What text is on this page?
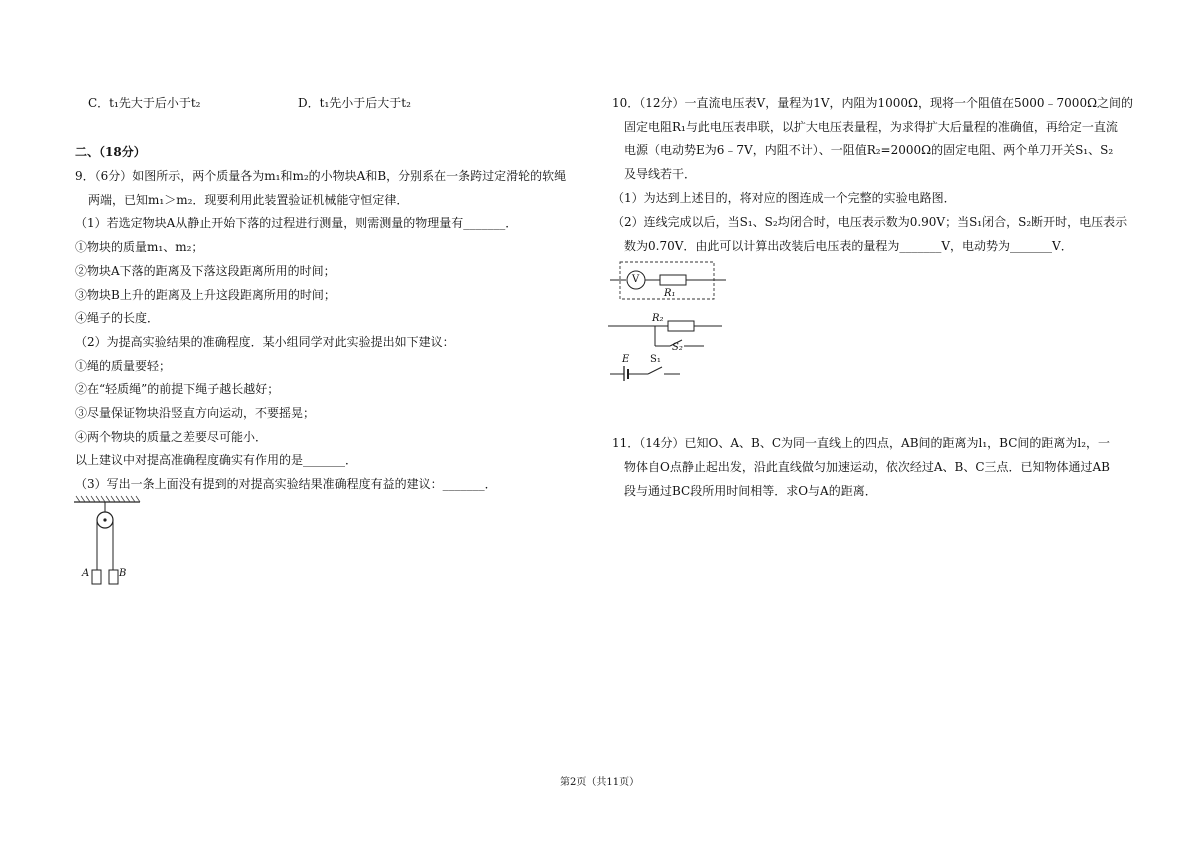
C．t₁先大于后小于t₂	D．t₁先小于后大于t₂
二、（18分）
9．（6分）如图所示，两个质量各为m₁和m₂的小物块A和B，分别系在一条跨过定滑轮的软绳
两端，已知m₁＞m₂．现要利用此装置验证机械能守恒定律．
（1）若选定物块A从静止开始下落的过程进行测量，则需测量的物理量有_______．
①物块的质量m₁、m₂；
②物块A下落的距离及下落这段距离所用的时间；
③物块B上升的距离及上升这段距离所用的时间；
④绳子的长度．
（2）为提高实验结果的准确程度．某小组同学对此实验提出如下建议：
①绳的质量要轻；
②在“轻质绳”的前提下绳子越长越好；
③尽量保证物块沿竖直方向运动，不要摇晃；
④两个物块的质量之差要尽可能小．
以上建议中对提高准确程度确实有作用的是_______．
（3）写出一条上面没有提到的对提高实验结果准确程度有益的建议：_______．
A	B
10．（12分）一直流电压表V，量程为1V，内阻为1000Ω，现将一个阻值在5000﹣7000Ω之间的
固定电阻R₁与此电压表串联，以扩大电压表量程，为求得扩大后量程的准确值，再给定一直流
电源（电动势E为6﹣7V，内阻不计）、一阻值R₂=2000Ω的固定电阻、两个单刀开关S₁、S₂
及导线若干．
（1）为达到上述目的，将对应的图连成一个完整的实验电路图．
（2）连线完成以后，当S₁、S₂均闭合时，电压表示数为0.90V；当S₁闭合，S₂断开时，电压表示
数为0.70V．由此可以计算出改装后电压表的量程为_______V，电动势为_______V．
V
R₁
R₂
S₂
E S₁
11．（14分）已知O、A、B、C为同一直线上的四点，AB间的距离为l₁，BC间的距离为l₂，一
物体自O点静止起出发，沿此直线做匀加速运动，依次经过A、B、C三点．已知物体通过AB
段与通过BC段所用时间相等．求O与A的距离．
第2页（共11页）
